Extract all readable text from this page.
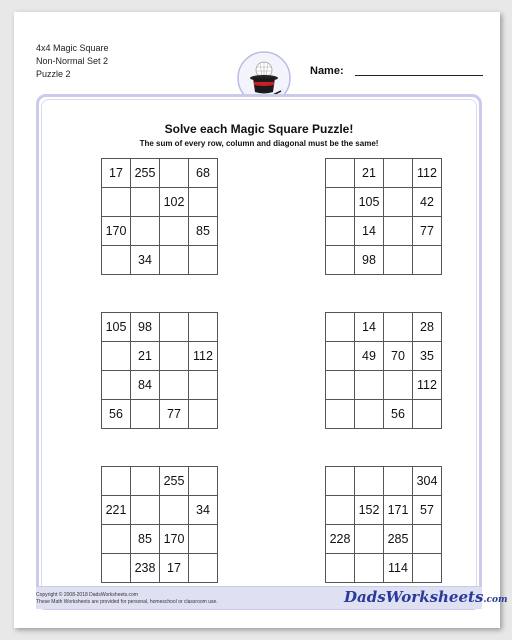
4x4 Magic Square
Non-Normal Set 2
Puzzle 2	Name:
Solve each Magic Square Puzzle!
The sum of every row, column and diagonal must be the same!
17	255		68
		102	
170			85
	34		
	21		112
	105		42
	14		77
	98		
105	98		
	21		112
	84		
56		77	
	14		28
	49	70	35
			112
		56	
		255	
221			34
	85	170	
	238	17	
			304
	152	171	57
228		285	
		114	
Copyright © 2008-2018 DadsWorksheets.com
These Math Worksheets are provided for personal, homeschool or classroom use.	DadsWorksheets.com
